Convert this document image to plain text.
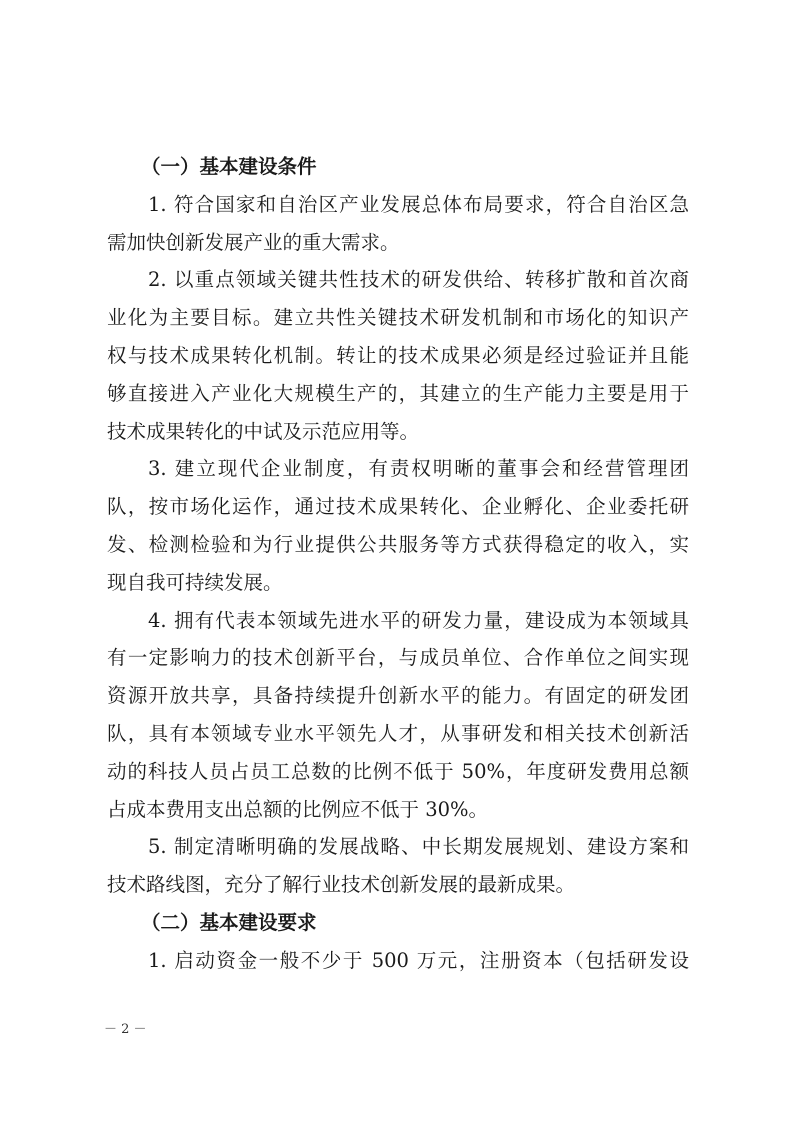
（一）基本建设条件
1. 符合国家和自治区产业发展总体布局要求，符合自治区急
需加快创新发展产业的重大需求。
2. 以重点领域关键共性技术的研发供给、转移扩散和首次商
业化为主要目标。建立共性关键技术研发机制和市场化的知识产
权与技术成果转化机制。转让的技术成果必须是经过验证并且能
够直接进入产业化大规模生产的，其建立的生产能力主要是用于
技术成果转化的中试及示范应用等。
3. 建立现代企业制度，有责权明晰的董事会和经营管理团
队，按市场化运作，通过技术成果转化、企业孵化、企业委托研
发、检测检验和为行业提供公共服务等方式获得稳定的收入，实
现自我可持续发展。
4. 拥有代表本领域先进水平的研发力量，建设成为本领域具
有一定影响力的技术创新平台，与成员单位、合作单位之间实现
资源开放共享，具备持续提升创新水平的能力。有固定的研发团
队，具有本领域专业水平领先人才，从事研发和相关技术创新活
动的科技人员占员工总数的比例不低于 50%，年度研发费用总额
占成本费用支出总额的比例应不低于 30%。
5. 制定清晰明确的发展战略、中长期发展规划、建设方案和
技术路线图，充分了解行业技术创新发展的最新成果。
（二）基本建设要求
1. 启动资金一般不少于 500 万元，注册资本（包括研发设
－ 2 －
